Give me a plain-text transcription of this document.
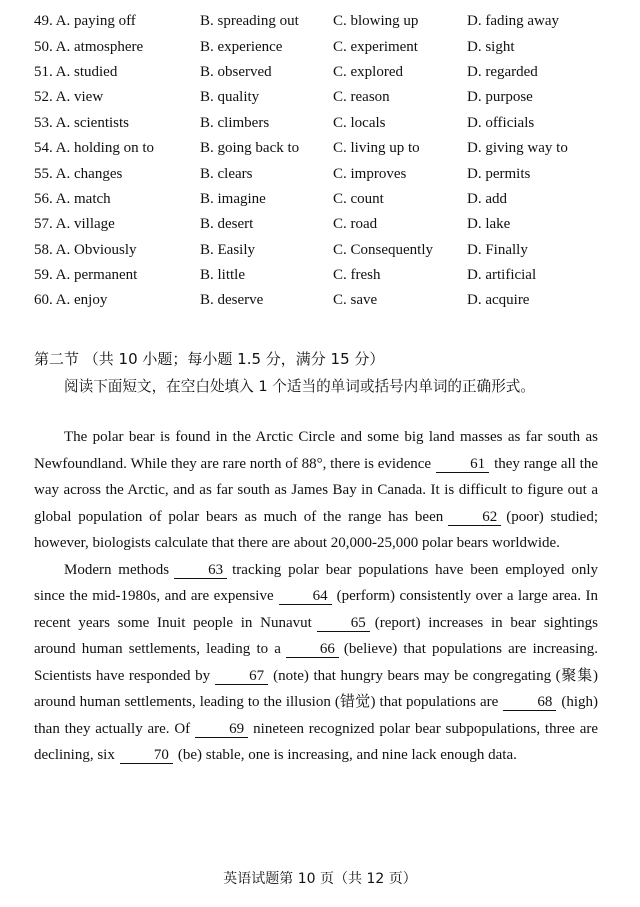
49. A. paying off	B. spreading out	C. blowing up	D. fading away
50. A. atmosphere	B. experience	C. experiment	D. sight
51. A. studied	B. observed	C. explored	D. regarded
52. A. view	B. quality	C. reason	D. purpose
53. A. scientists	B. climbers	C. locals	D. officials
54. A. holding on to	B. going back to	C. living up to	D. giving way to
55. A. changes	B. clears	C. improves	D. permits
56. A. match	B. imagine	C. count	D. add
57. A. village	B. desert	C. road	D. lake
58. A. Obviously	B. Easily	C. Consequently	D. Finally
59. A. permanent	B. little	C. fresh	D. artificial
60. A. enjoy	B. deserve	C. save	D. acquire
第二节 （共 10 小题；每小题 1.5 分，满分 15 分）
阅读下面短文，在空白处填入 1 个适当的单词或括号内单词的正确形式。

The polar bear is found in the Arctic Circle and some big land masses as far south as Newfoundland. While they are rare north of 88°, there is evidence	61 they range all the way across the Arctic, and as far south as James Bay in Canada. It is difficult to figure out a global population of polar bears as much of the range has been	62 (poor) studied; however, biologists calculate that there are about 20,000-25,000 polar bears worldwide.

Modern methods	63 tracking polar bear populations have been employed only since the mid-1980s, and are expensive	64 (perform) consistently over a large area. In recent years some Inuit people in Nunavut	65 (report) increases in bear sightings around human settlements, leading to a	66 (believe) that populations are increasing. Scientists have responded by	67 (note) that hungry bears may be congregating (聚集) around human settlements, leading to the illusion (错觉) that populations are	68 (high) than they actually are. Of	69 nineteen recognized polar bear subpopulations, three are declining, six	70 (be) stable, one is increasing, and nine lack enough data.

英语试题第 10 页（共 12 页）
